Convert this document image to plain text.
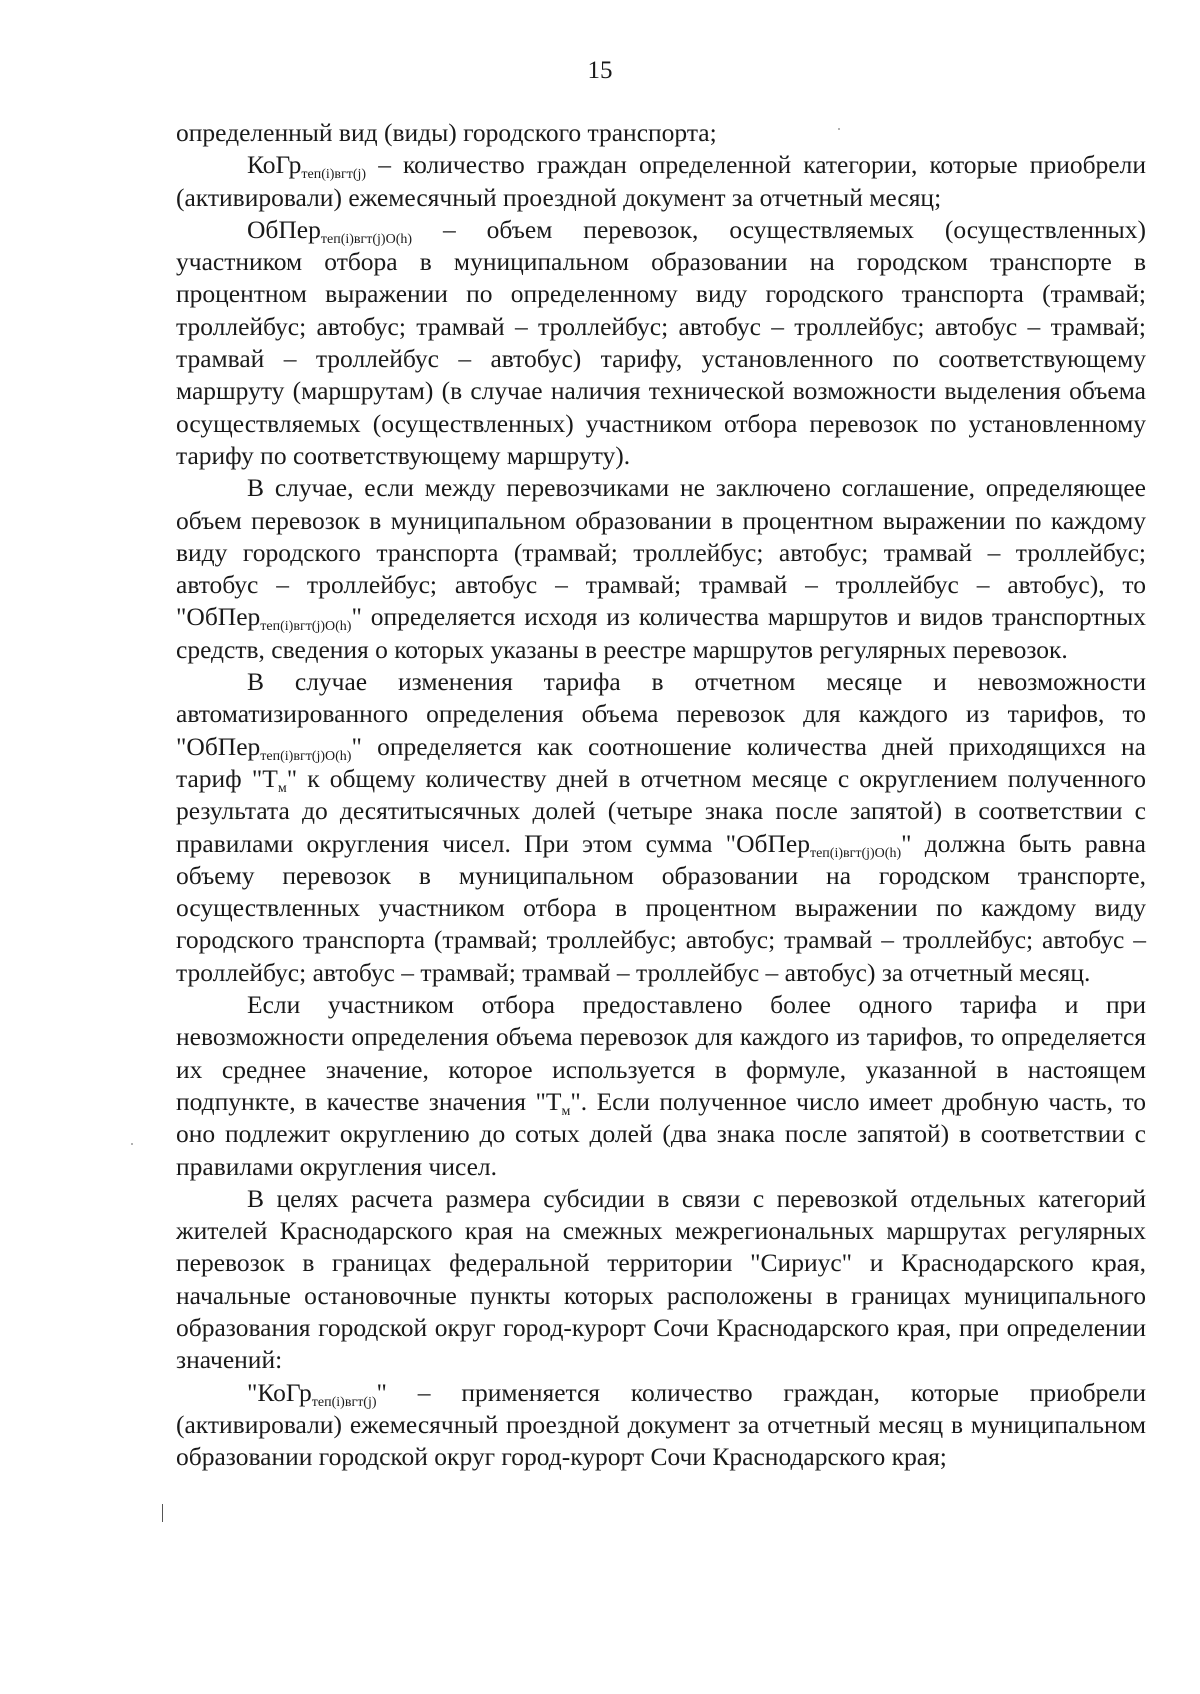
15

определенный вид (виды) городского транспорта;

КоГр$_{теп(i)вгт(j)}$ – количество граждан определенной категории, которые приобрели (активировали) ежемесячный проездной документ за отчетный месяц;

ОбПер$_{теп(i)вгт(j)O(h)}$ – объем перевозок, осуществляемых (осуществленных) участником отбора в муниципальном образовании на городском транспорте в процентном выражении по определенному виду городского транспорта (трамвай; троллейбус; автобус; трамвай – троллейбус; автобус – троллейбус; автобус – трамвай; трамвай – троллейбус – автобус) тарифу, установленного по соответствующему маршруту (маршрутам) (в случае наличия технической возможности выделения объема осуществляемых (осуществленных) участником отбора перевозок по установленному тарифу по соответствующему маршруту).

В случае, если между перевозчиками не заключено соглашение, определяющее объем перевозок в муниципальном образовании в процентном выражении по каждому виду городского транспорта (трамвай; троллейбус; автобус; трамвай – троллейбус; автобус – троллейбус; автобус – трамвай; трамвай – троллейбус – автобус), то "ОбПер$_{теп(i)вгт(j)O(h)}$" определяется исходя из количества маршрутов и видов транспортных средств, сведения о которых указаны в реестре маршрутов регулярных перевозок.

В случае изменения тарифа в отчетном месяце и невозможности автоматизированного определения объема перевозок для каждого из тарифов, то "ОбПер$_{теп(i)вгт(j)O(h)}$" определяется как соотношение количества дней приходящихся на тариф "$Т_м$" к общему количеству дней в отчетном месяце с округлением полученного результата до десятитысячных долей (четыре знака после запятой) в соответствии с правилами округления чисел. При этом сумма "ОбПер$_{теп(i)вгт(j)O(h)}$" должна быть равна объему перевозок в муниципальном образовании на городском транспорте, осуществленных участником отбора в процентном выражении по каждому виду городского транспорта (трамвай; троллейбус; автобус; трамвай – троллейбус; автобус – троллейбус; автобус – трамвай; трамвай – троллейбус – автобус) за отчетный месяц.

Если участником отбора предоставлено более одного тарифа и при невозможности определения объема перевозок для каждого из тарифов, то определяется их среднее значение, которое используется в формуле, указанной в настоящем подпункте, в качестве значения "$Т_м$". Если полученное число имеет дробную часть, то оно подлежит округлению до сотых долей (два знака после запятой) в соответствии с правилами округления чисел.

В целях расчета размера субсидии в связи с перевозкой отдельных категорий жителей Краснодарского края на смежных межрегиональных маршрутах регулярных перевозок в границах федеральной территории "Сириус" и Краснодарского края, начальные остановочные пункты которых расположены в границах муниципального образования городской округ город-курорт Сочи Краснодарского края, при определении значений:

"КоГр$_{теп(i)вгт(j)}$" – применяется количество граждан, которые приобрели (активировали) ежемесячный проездной документ за отчетный месяц в муниципальном образовании городской округ город-курорт Сочи Краснодарского края;
